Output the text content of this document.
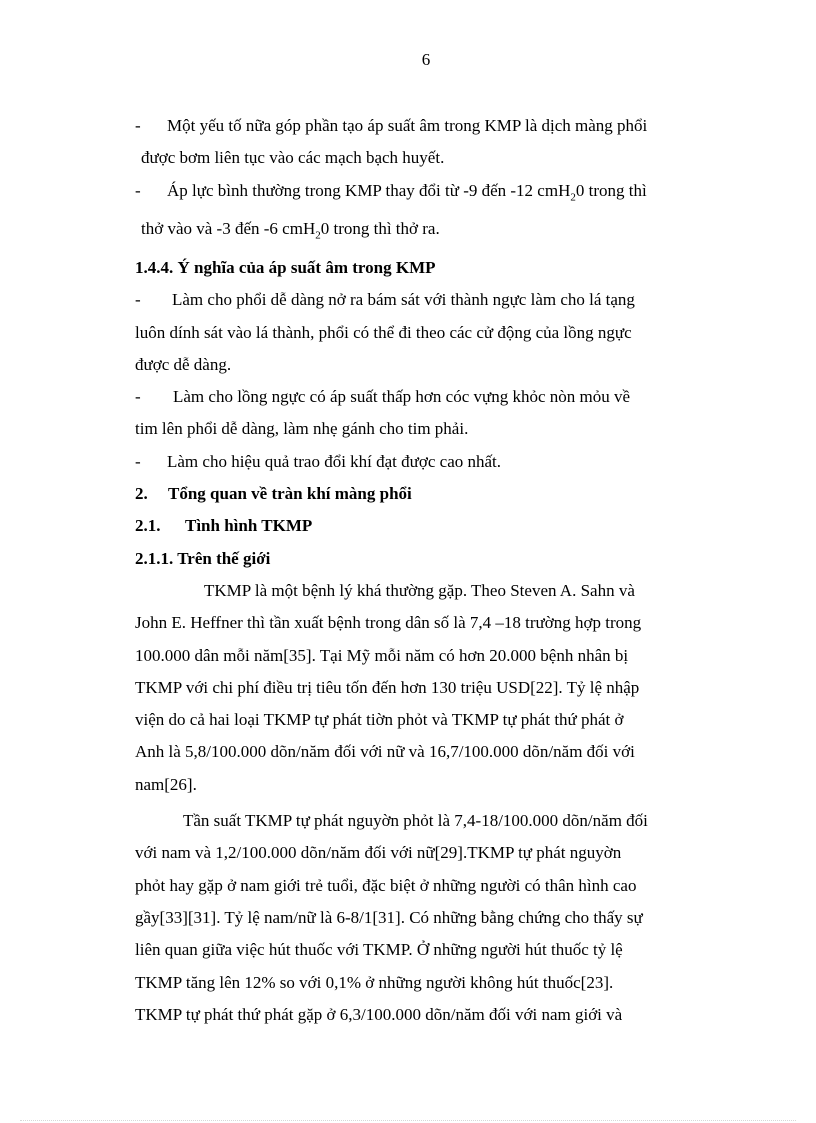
6
- Một yếu tố nữa góp phần tạo áp suất âm trong KMP là dịch màng phổi
được bơm liên tục vào các mạch bạch huyết.
- Áp lực bình thường trong KMP thay đổi từ -9 đến -12 cmH$_2$0 trong thì
thở vào và -3 đến -6 cmH$_2$0 trong thì thở ra.
1.4.4. Ý nghĩa của áp suất âm trong KMP
- Làm cho phổi dễ dàng nở ra bám sát với thành ngực làm cho lá tạng
luôn dính sát vào lá thành, phổi có thể đi theo các cử động của lồng ngực
được dễ dàng.
- Làm cho lồng ngực có áp suất thấp hơn cóc vựng khỏc nòn mỏu về
tim lên phổi dễ dàng, làm nhẹ gánh cho tim phải.
- Làm cho hiệu quả trao đổi khí đạt được cao nhất.
2. Tổng quan về tràn khí màng phổi
2.1. Tình hình TKMP
2.1.1. Trên thế giới
TKMP là một bệnh lý khá thường gặp. Theo Steven A. Sahn và
John E. Heffner thì tần xuất bệnh trong dân số là 7,4 –18 trường hợp trong
100.000 dân mỗi năm[35]. Tại Mỹ mỗi năm có hơn 20.000 bệnh nhân bị
TKMP với chi phí điều trị tiêu tốn đến hơn 130 triệu USD[22]. Tỷ lệ nhập
viện do cả hai loại TKMP tự phát tiờn phỏt và TKMP tự phát thứ phát ở
Anh là 5,8/100.000 dõn/năm đối với nữ và 16,7/100.000 dõn/năm đối với
nam[26].
Tần suất TKMP tự phát nguyờn phỏt là 7,4-18/100.000 dõn/năm đối
với nam và 1,2/100.000 dõn/năm đối với nữ[29].TKMP tự phát nguyờn
phỏt hay gặp ở nam giới trẻ tuổi, đặc biệt ở những người có thân hình cao
gầy[33][31]. Tỷ lệ nam/nữ là 6-8/1[31]. Có những bằng chứng cho thấy sự
liên quan giữa việc hút thuốc với TKMP. Ở những người hút thuốc tỷ lệ
TKMP tăng lên 12% so với 0,1% ở những người không hút thuốc[23].
TKMP tự phát thứ phát gặp ở 6,3/100.000 dõn/năm đối với nam giới và
